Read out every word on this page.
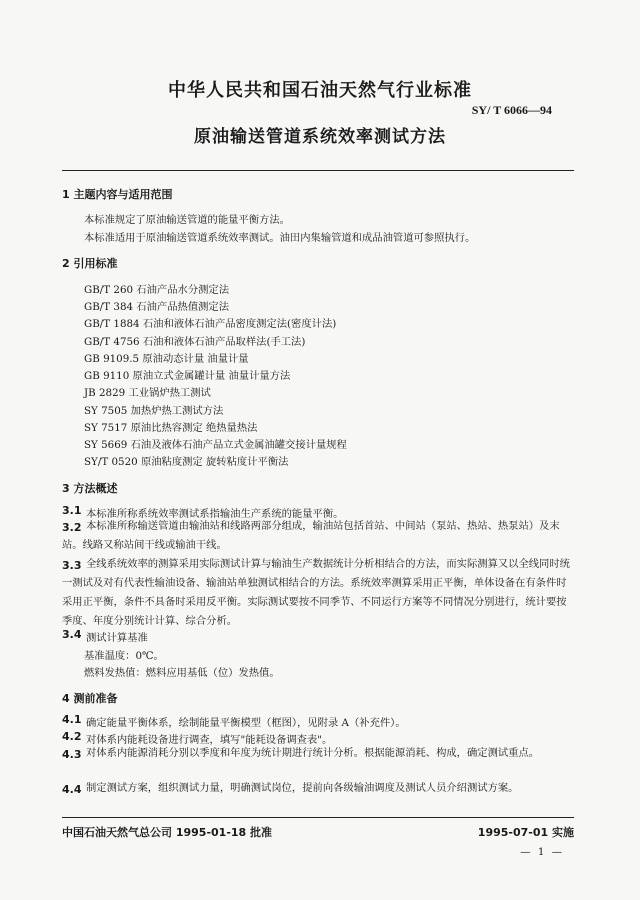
中华人民共和国石油天然气行业标准
SY/ T 6066—94
原油输送管道系统效率测试方法
1 主题内容与适用范围
本标准规定了原油输送管道的能量平衡方法。
本标准适用于原油输送管道系统效率测试。油田内集输管道和成品油管道可参照执行。
2 引用标准
GB/T 260 石油产品水分测定法
GB/T 384 石油产品热值测定法
GB/T 1884 石油和液体石油产品密度测定法(密度计法)
GB/T 4756 石油和液体石油产品取样法(手工法)
GB 9109.5 原油动态计量 油量计量
GB 9110 原油立式金属罐计量 油量计量方法
JB 2829 工业锅炉热工测试
SY 7505 加热炉热工测试方法
SY 7517 原油比热容测定 绝热量热法
SY 5669 石油及液体石油产品立式金属油罐交接计量规程
SY/T 0520 原油粘度测定 旋转粘度计平衡法
3 方法概述
3.1 本标准所称系统效率测试系指输油生产系统的能量平衡。
3.2 本标准所称输送管道由输油站和线路两部分组成，输油站包括首站、中间站（泵站、热站、热泵站）及末站。线路又称站间干线或输油干线。
3.3 全线系统效率的测算采用实际测试计算与输油生产数据统计分析相结合的方法，而实际测算又以全线同时统一测试及对有代表性输油设备、输油站单独测试相结合的方法。系统效率测算采用正平衡，单体设备在有条件时采用正平衡，条件不具备时采用反平衡。实际测试要按不同季节、不同运行方案等不同情况分别进行，统计要按季度、年度分别统计计算、综合分析。
3.4 测试计算基准
基准温度：0℃。
燃料发热值：燃料应用基低（位）发热值。
4 测前准备
4.1 确定能量平衡体系，绘制能量平衡模型（框图），见附录 A（补充件）。
4.2 对体系内能耗设备进行调查，填写"能耗设备调查表"。
4.3 对体系内能源消耗分别以季度和年度为统计期进行统计分析。根据能源消耗、构成，确定测试重点。
4.4 制定测试方案，组织测试力量，明确测试岗位，提前向各级输油调度及测试人员介绍测试方案。
中国石油天然气总公司 1995-01-18 批准	1995-07-01 实施
— 1 —
